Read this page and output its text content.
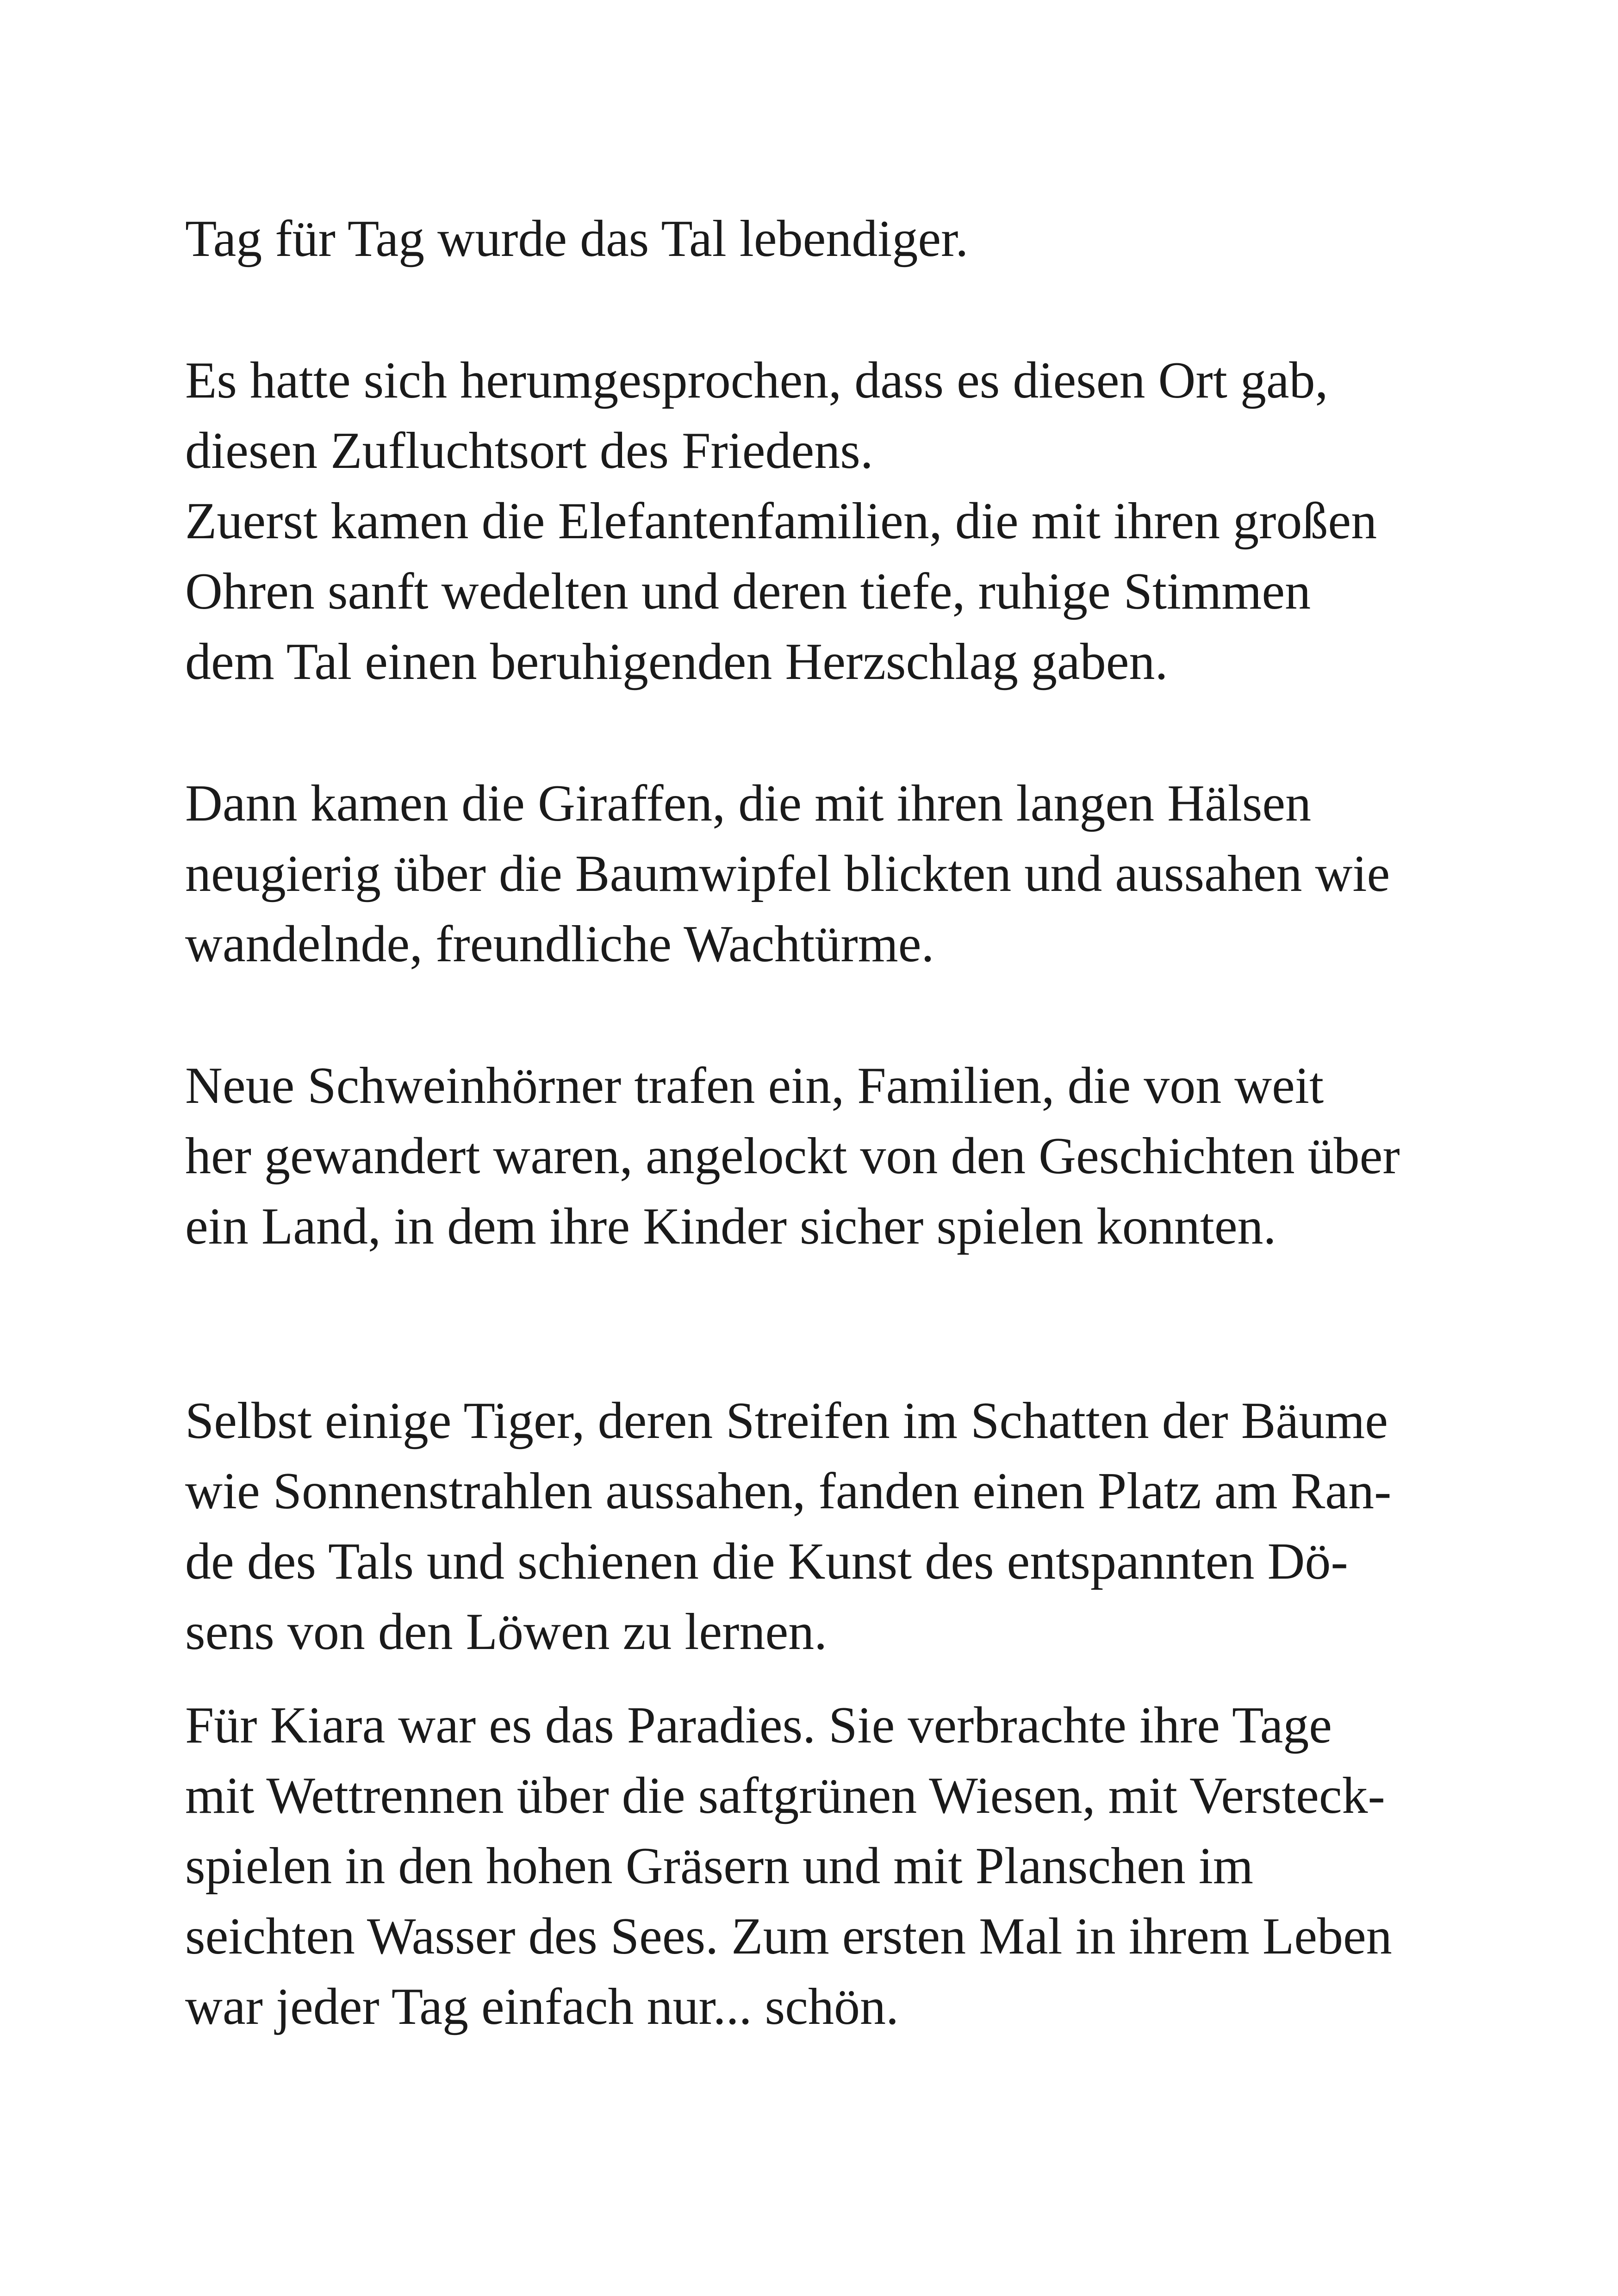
Tag für Tag wurde das Tal lebendiger.

Es hatte sich herumgesprochen, dass es diesen Ort gab,
diesen Zufluchtsort des Friedens.
Zuerst kamen die Elefantenfamilien, die mit ihren großen
Ohren sanft wedelten und deren tiefe, ruhige Stimmen
dem Tal einen beruhigenden Herzschlag gaben.

Dann kamen die Giraffen, die mit ihren langen Hälsen
neugierig über die Baumwipfel blickten und aussahen wie
wandelnde, freundliche Wachtürme.

Neue Schweinhörner trafen ein, Familien, die von weit
her gewandert waren, angelockt von den Geschichten über
ein Land, in dem ihre Kinder sicher spielen konnten.

Selbst einige Tiger, deren Streifen im Schatten der Bäume
wie Sonnenstrahlen aussahen, fanden einen Platz am Ran-
de des Tals und schienen die Kunst des entspannten Dö-
sens von den Löwen zu lernen.

Für Kiara war es das Paradies. Sie verbrachte ihre Tage
mit Wettrennen über die saftgrünen Wiesen, mit Versteck-
spielen in den hohen Gräsern und mit Planschen im
seichten Wasser des Sees. Zum ersten Mal in ihrem Leben
war jeder Tag einfach nur... schön.
